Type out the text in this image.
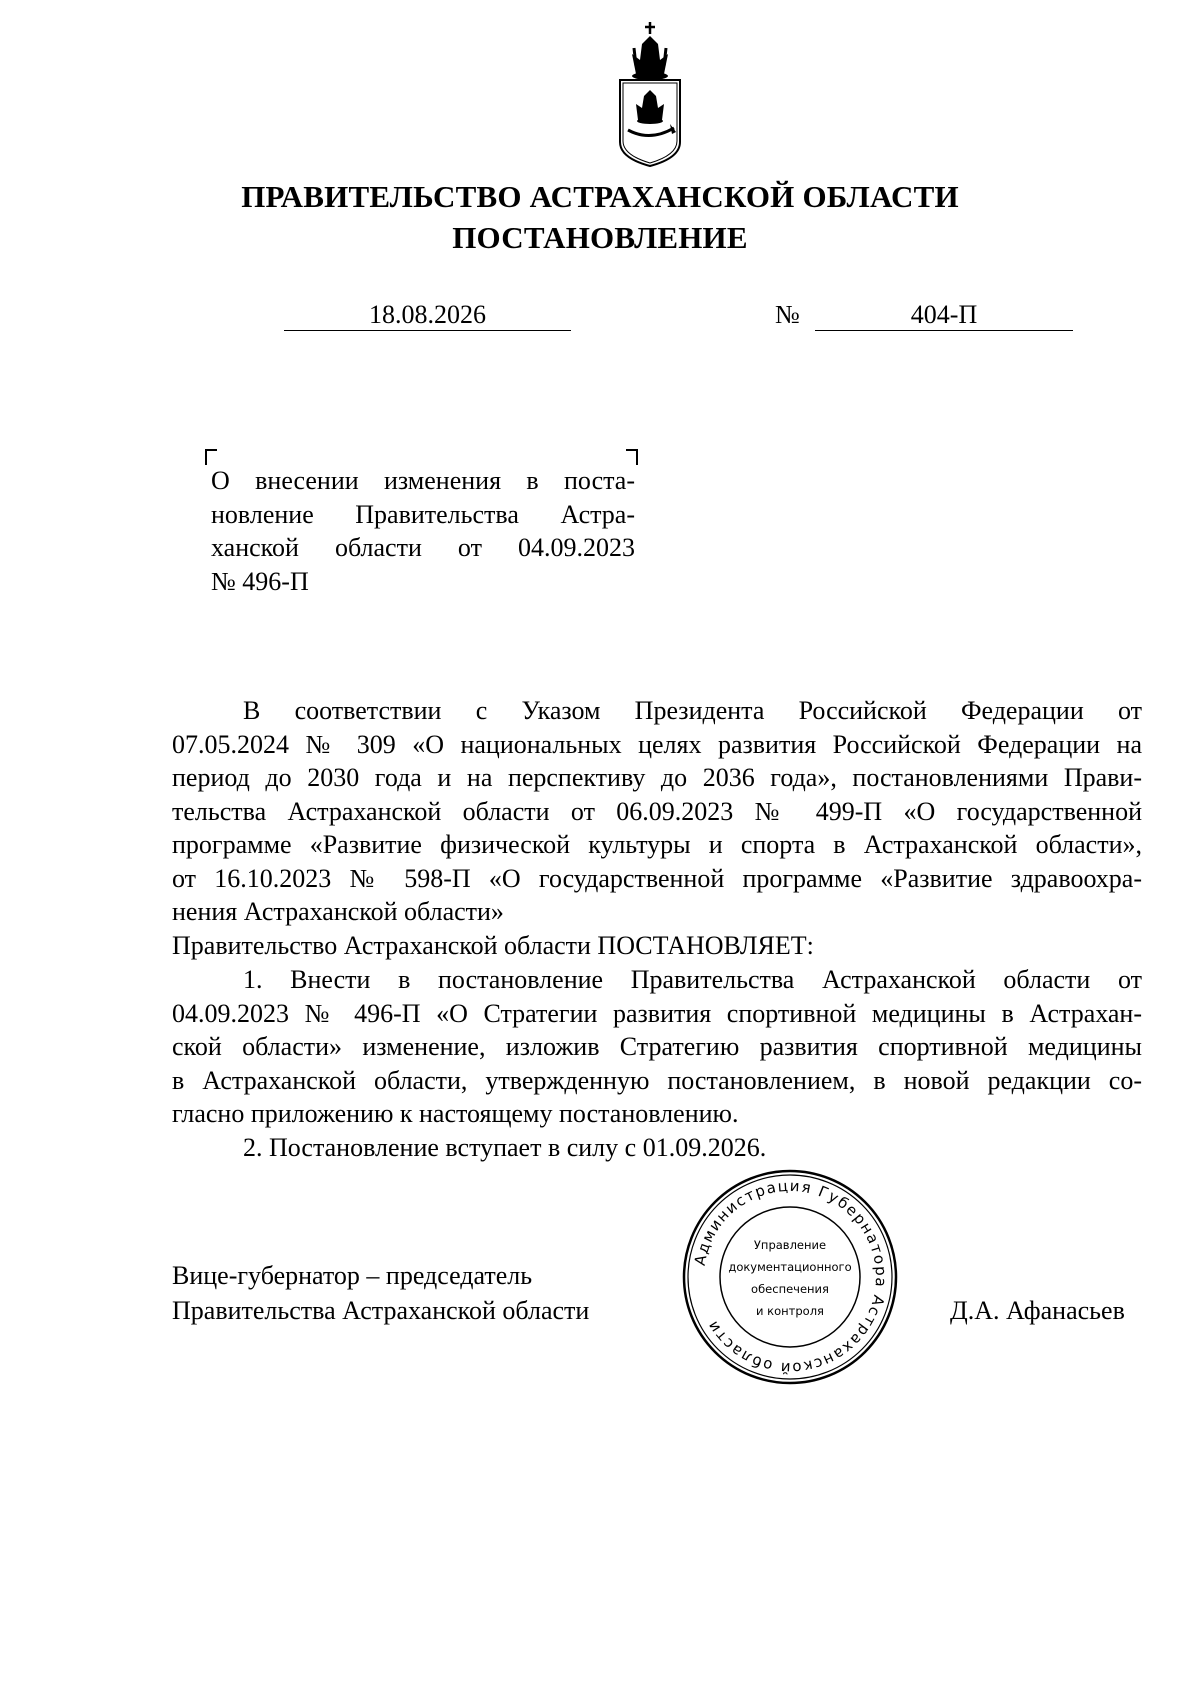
ПРАВИТЕЛЬСТВО АСТРАХАНСКОЙ ОБЛАСТИ
ПОСТАНОВЛЕНИЕ
18.08.2026	№	404-П
О внесении изменения в поста-
новление Правительства Астра-
ханской области от 04.09.2023
№ 496-П
В соответствии с Указом Президента Российской Федерации от
07.05.2024 № 309 «О национальных целях развития Российской Федерации на
период до 2030 года и на перспективу до 2036 года», постановлениями Прави-
тельства Астраханской области от 06.09.2023 № 499-П «О государственной
программе «Развитие физической культуры и спорта в Астраханской области»,
от 16.10.2023 № 598-П «О государственной программе «Развитие здравоохра-
нения Астраханской области»
Правительство Астраханской области ПОСТАНОВЛЯЕТ:
1. Внести в постановление Правительства Астраханской области от
04.09.2023 № 496-П «О Стратегии развития спортивной медицины в Астрахан-
ской области» изменение, изложив Стратегию развития спортивной медицины
в Астраханской области, утвержденную постановлением, в новой редакции со-
гласно приложению к настоящему постановлению.
2. Постановление вступает в силу с 01.09.2026.
Вице-губернатор – председатель
Правительства Астраханской области	Д.А. Афанасьев
Администрация Губернатора Астраханской области
Управление
документационного
обеспечения
и контроля
